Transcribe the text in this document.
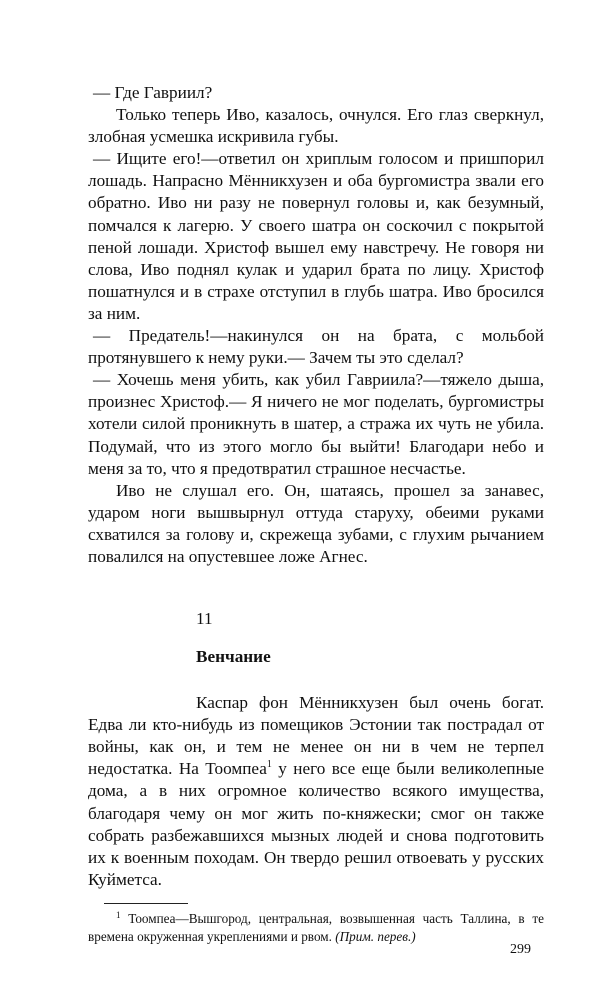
— Где Гавриил?

Только теперь Иво, казалось, очнулся. Его глаз сверкнул, злобная усмешка искривила губы.

— Ищите его!—ответил он хриплым голосом и пришпорил лошадь. Напрасно Мённикхузен и оба бургомистра звали его обратно. Иво ни разу не повернул головы и, как безумный, помчался к лагерю. У своего шатра он соскочил с покрытой пеной лошади. Христоф вышел ему навстречу. Не говоря ни слова, Иво поднял кулак и ударил брата по лицу. Христоф пошатнулся и в страхе отступил в глубь шатра. Иво бросился за ним.

— Предатель!—накинулся он на брата, с мольбой протянувшего к нему руки.— Зачем ты это сделал?

— Хочешь меня убить, как убил Гавриила?—тяжело дыша, произнес Христоф.— Я ничего не мог поделать, бургомистры хотели силой проникнуть в шатер, а стража их чуть не убила. Подумай, что из этого могло бы выйти! Благодари небо и меня за то, что я предотвратил страшное несчастье.

Иво не слушал его. Он, шатаясь, прошел за занавес, ударом ноги вышвырнул оттуда старуху, обеими руками схватился за голову и, скрежеща зубами, с глухим рычанием повалился на опустевшее ложе Агнес.

11

Венчание

Каспар фон Мённикхузен был очень богат. Едва ли кто-нибудь из помещиков Эстонии так пострадал от войны, как он, и тем не менее он ни в чем не терпел недостатка. На Тоомпеа$^1$ у него все еще были великолепные дома, а в них огромное количество всякого имущества, благодаря чему он мог жить по-княжески; смог он также собрать разбежавшихся мызных людей и снова подготовить их к военным походам. Он твердо решил отвоевать у русских Куйметса.

$^1$ Тоомпеа—Вышгород, центральная, возвышенная часть Таллина, в те времена окруженная укреплениями и рвом. (Прим. перев.)

299
